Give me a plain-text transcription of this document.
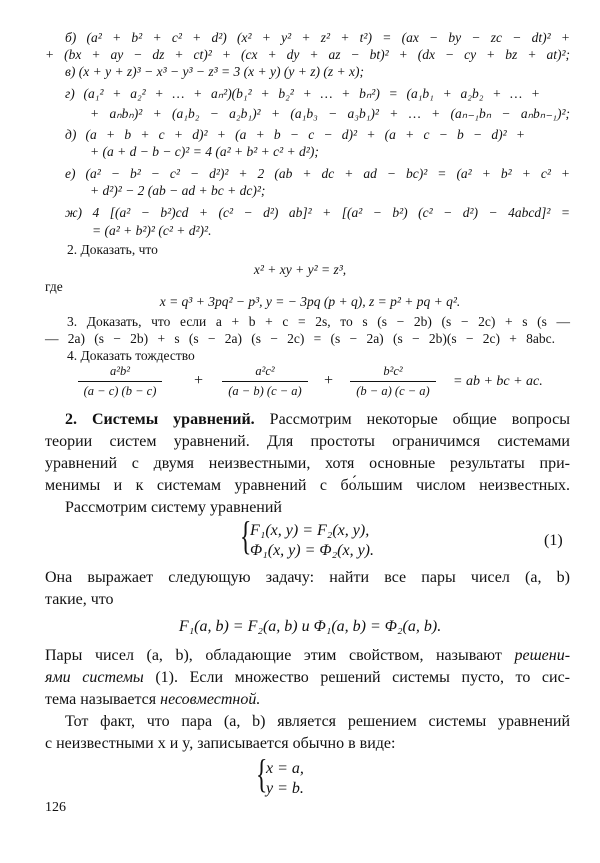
б) (a² + b² + c² + d²) (x² + y² + z² + t²) = (ax − by − zc − dt)² +
+ (bx + ay − dz + ct)² + (cx + dy + az − bt)² + (dx − cy + bz + at)²;
в) (x + y + z)³ − x³ − y³ − z³ = 3 (x + y) (y + z) (z + x);
г) (a₁² + a₂² + … + aₙ²)(b₁² + b₂² + … + bₙ²) = (a₁b₁ + a₂b₂ + … +
+ aₙbₙ)² + (a₁b₂ − a₂b₁)² + (a₁b₃ − a₃b₁)² + … + (aₙ₋₁bₙ − aₙbₙ₋₁)²;
д) (a + b + c + d)² + (a + b − c − d)² + (a + c − b − d)² +
+ (a + d − b − c)² = 4 (a² + b² + c² + d²);
е) (a² − b² − c² − d²)² + 2 (ab + dc + ad − bc)² = (a² + b² + c² +
+ d²)² − 2 (ab − ad + bc + dc)²;
ж) 4 [(a² − b²)cd + (c² − d²) ab]² + [(a² − b²) (c² − d²) − 4abcd]² =
= (a² + b²)² (c² + d²)².
2. Доказать, что
x² + xy + y² = z³,
где
x = q³ + 3pq² − p³, y = − 3pq (p + q), z = p² + pq + q².
3. Доказать, что если a + b + c = 2s, то s (s − 2b) (s − 2c) + s (s —
— 2a) (s − 2b) + s (s − 2a) (s − 2c) = (s − 2a) (s − 2b)(s − 2c) + 8abc.
4. Доказать тождество
$\frac{\text{a²b²}}{(a - c) (b - c)} + \frac{\text{a²c²}}{(a - b) (c - a)} + \frac{\text{b²c²}}{(b - a) (c - a)}$ = ab + bc + ac.
2. Системы уравнений. Рассмотрим некоторые общие вопросы
теории систем уравнений. Для простоты ограничимся системами
уравнений с двумя неизвестными, хотя основные результаты при-
менимы и к системам уравнений с бо́льшим числом неизвестных.
Рассмотрим систему уравнений
{
F₁(x, y) = F₂(x, y),
Φ₁(x, y) = Φ₂(x, y).
(1)
Она выражает следующую задачу: найти все пары чисел (a, b)
такие, что
F₁(a, b) = F₂(a, b) и Φ₁(a, b) = Φ₂(a, b).
Пары чисел (a, b), обладающие этим свойством, называют решени-
ями системы (1). Если множество решений системы пусто, то сис-
тема называется несовместной.
Тот факт, что пара (a, b) является решением системы уравнений
с неизвестными x и y, записывается обычно в виде:
{
x = a,
y = b.
126
